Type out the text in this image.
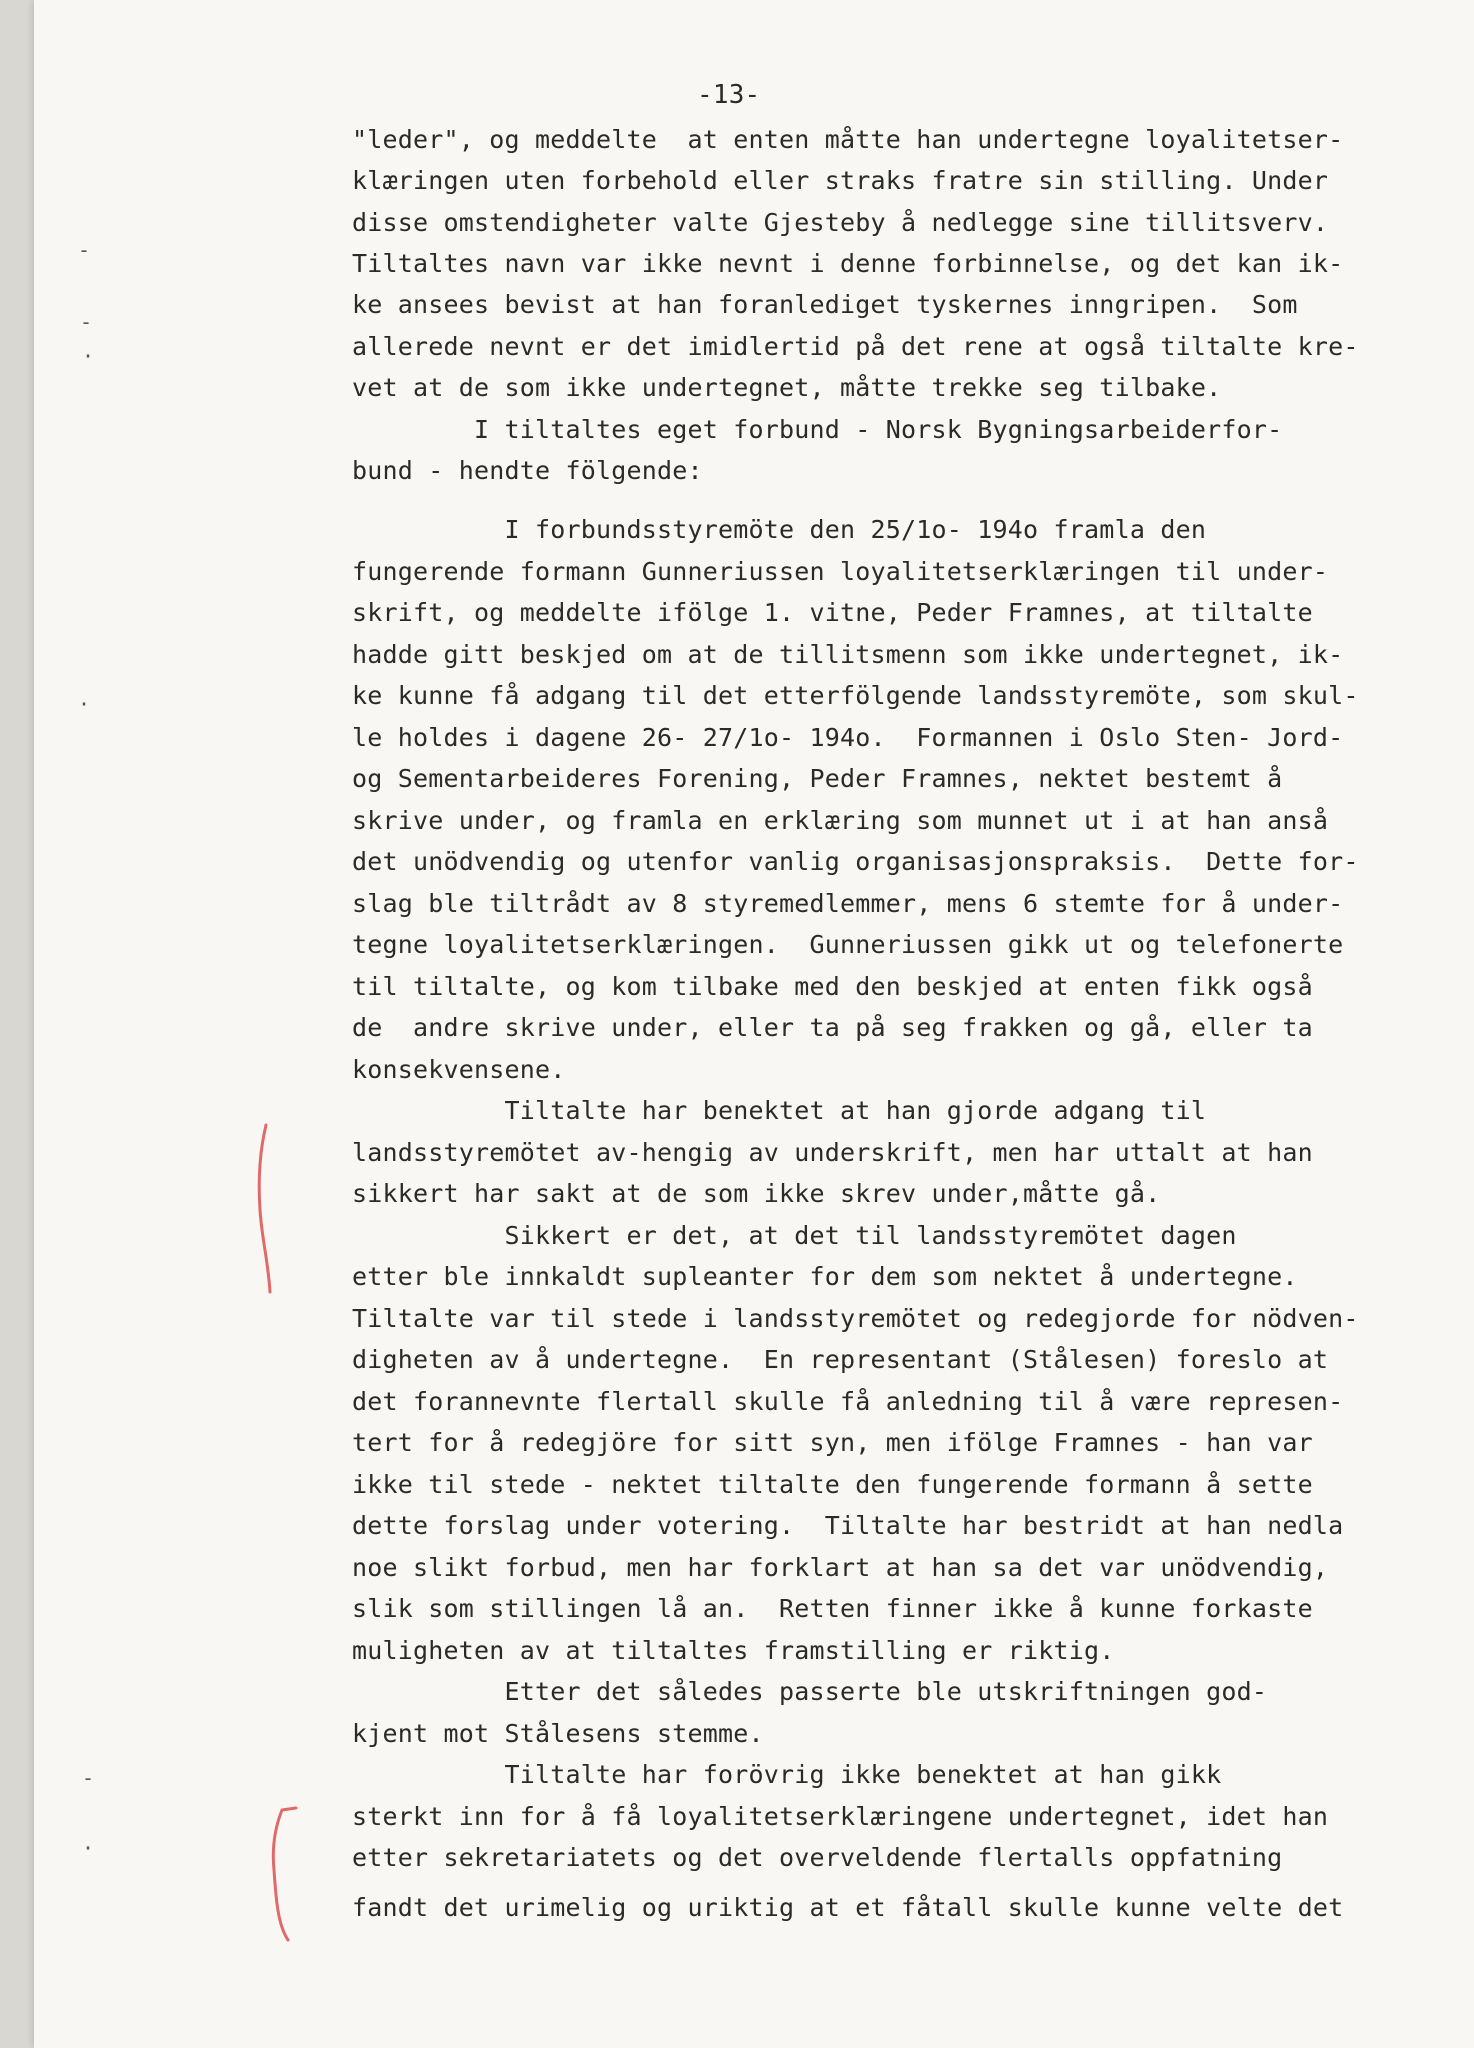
-13-
"leder", og meddelte  at enten måtte han undertegne loyalitetser-
klæringen uten forbehold eller straks fratre sin stilling. Under
disse omstendigheter valte Gjesteby å nedlegge sine tillitsverv.
Tiltaltes navn var ikke nevnt i denne forbinnelse, og det kan ik-
ke ansees bevist at han foranlediget tyskernes inngripen.  Som
allerede nevnt er det imidlertid på det rene at også tiltalte kre-
vet at de som ikke undertegnet, måtte trekke seg tilbake.
I tiltaltes eget forbund - Norsk Bygningsarbeiderfor-
bund - hendte fölgende:
I forbundsstyremöte den 25/1o- 194o framla den
fungerende formann Gunneriussen loyalitetserklæringen til under-
skrift, og meddelte ifölge 1. vitne, Peder Framnes, at tiltalte
hadde gitt beskjed om at de tillitsmenn som ikke undertegnet, ik-
ke kunne få adgang til det etterfölgende landsstyremöte, som skul-
le holdes i dagene 26- 27/1o- 194o.  Formannen i Oslo Sten- Jord-
og Sementarbeideres Forening, Peder Framnes, nektet bestemt å
skrive under, og framla en erklæring som munnet ut i at han anså
det unödvendig og utenfor vanlig organisasjonspraksis.  Dette for-
slag ble tiltrådt av 8 styremedlemmer, mens 6 stemte for å under-
tegne loyalitetserklæringen.  Gunneriussen gikk ut og telefonerte
til tiltalte, og kom tilbake med den beskjed at enten fikk også
de  andre skrive under, eller ta på seg frakken og gå, eller ta
konsekvensene.
Tiltalte har benektet at han gjorde adgang til
landsstyremötet av-hengig av underskrift, men har uttalt at han
sikkert har sakt at de som ikke skrev under,måtte gå.
Sikkert er det, at det til landsstyremötet dagen
etter ble innkaldt supleanter for dem som nektet å undertegne.
Tiltalte var til stede i landsstyremötet og redegjorde for nödven-
digheten av å undertegne.  En representant (Stålesen) foreslo at
det forannevnte flertall skulle få anledning til å være represen-
tert for å redegjöre for sitt syn, men ifölge Framnes - han var
ikke til stede - nektet tiltalte den fungerende formann å sette
dette forslag under votering.  Tiltalte har bestridt at han nedla
noe slikt forbud, men har forklart at han sa det var unödvendig,
slik som stillingen lå an.  Retten finner ikke å kunne forkaste
muligheten av at tiltaltes framstilling er riktig.
Etter det således passerte ble utskriftningen god-
kjent mot Stålesens stemme.
Tiltalte har forövrig ikke benektet at han gikk
sterkt inn for å få loyalitetserklæringene undertegnet, idet han
etter sekretariatets og det overveldende flertalls oppfatning
fandt det urimelig og uriktig at et fåtall skulle kunne velte det
-
-
·
·
-
·
